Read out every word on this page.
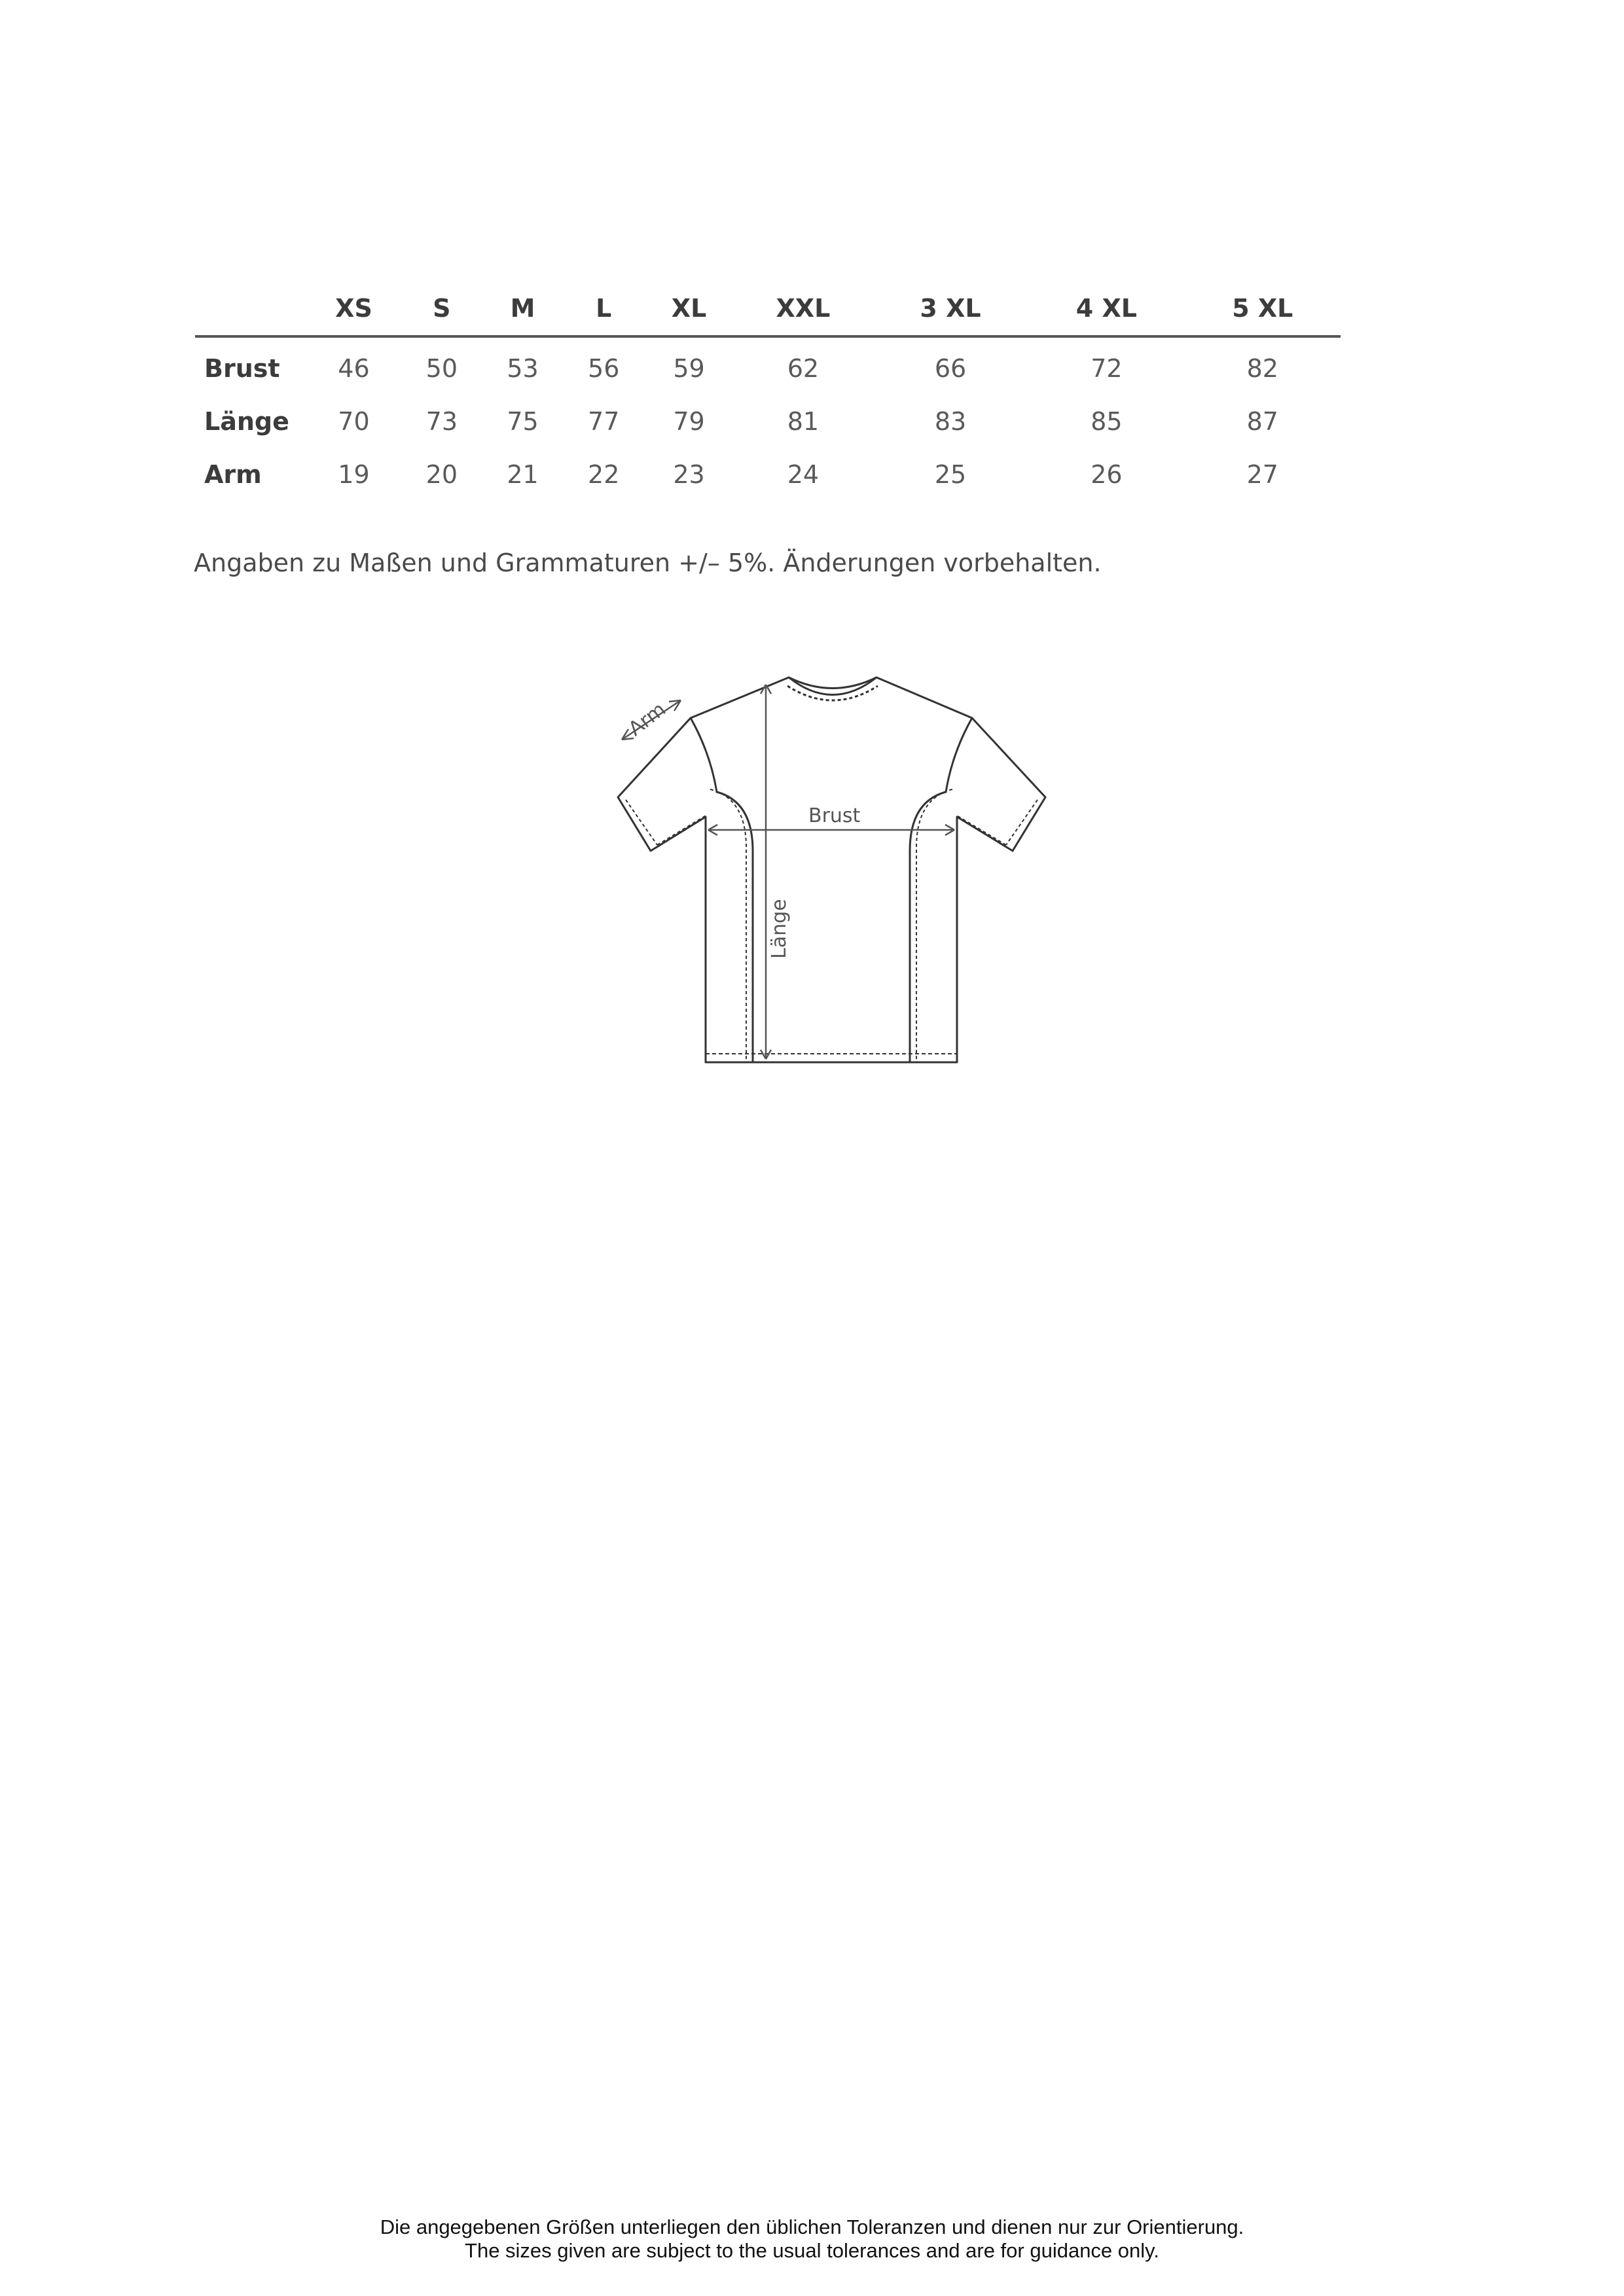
	XS	S	M	L	XL	XXL	3 XL	4 XL	5 XL
Brust	46	50	53	56	59	62	66	72	82
Länge	70	73	75	77	79	81	83	85	87
Arm	19	20	21	22	23	24	25	26	27
Angaben zu Maßen und Grammaturen +/– 5%. Änderungen vorbehalten.
Arm
Brust
Länge
Die angegebenen Größen unterliegen den üblichen Toleranzen und dienen nur zur Orientierung.
The sizes given are subject to the usual tolerances and are for guidance only.
